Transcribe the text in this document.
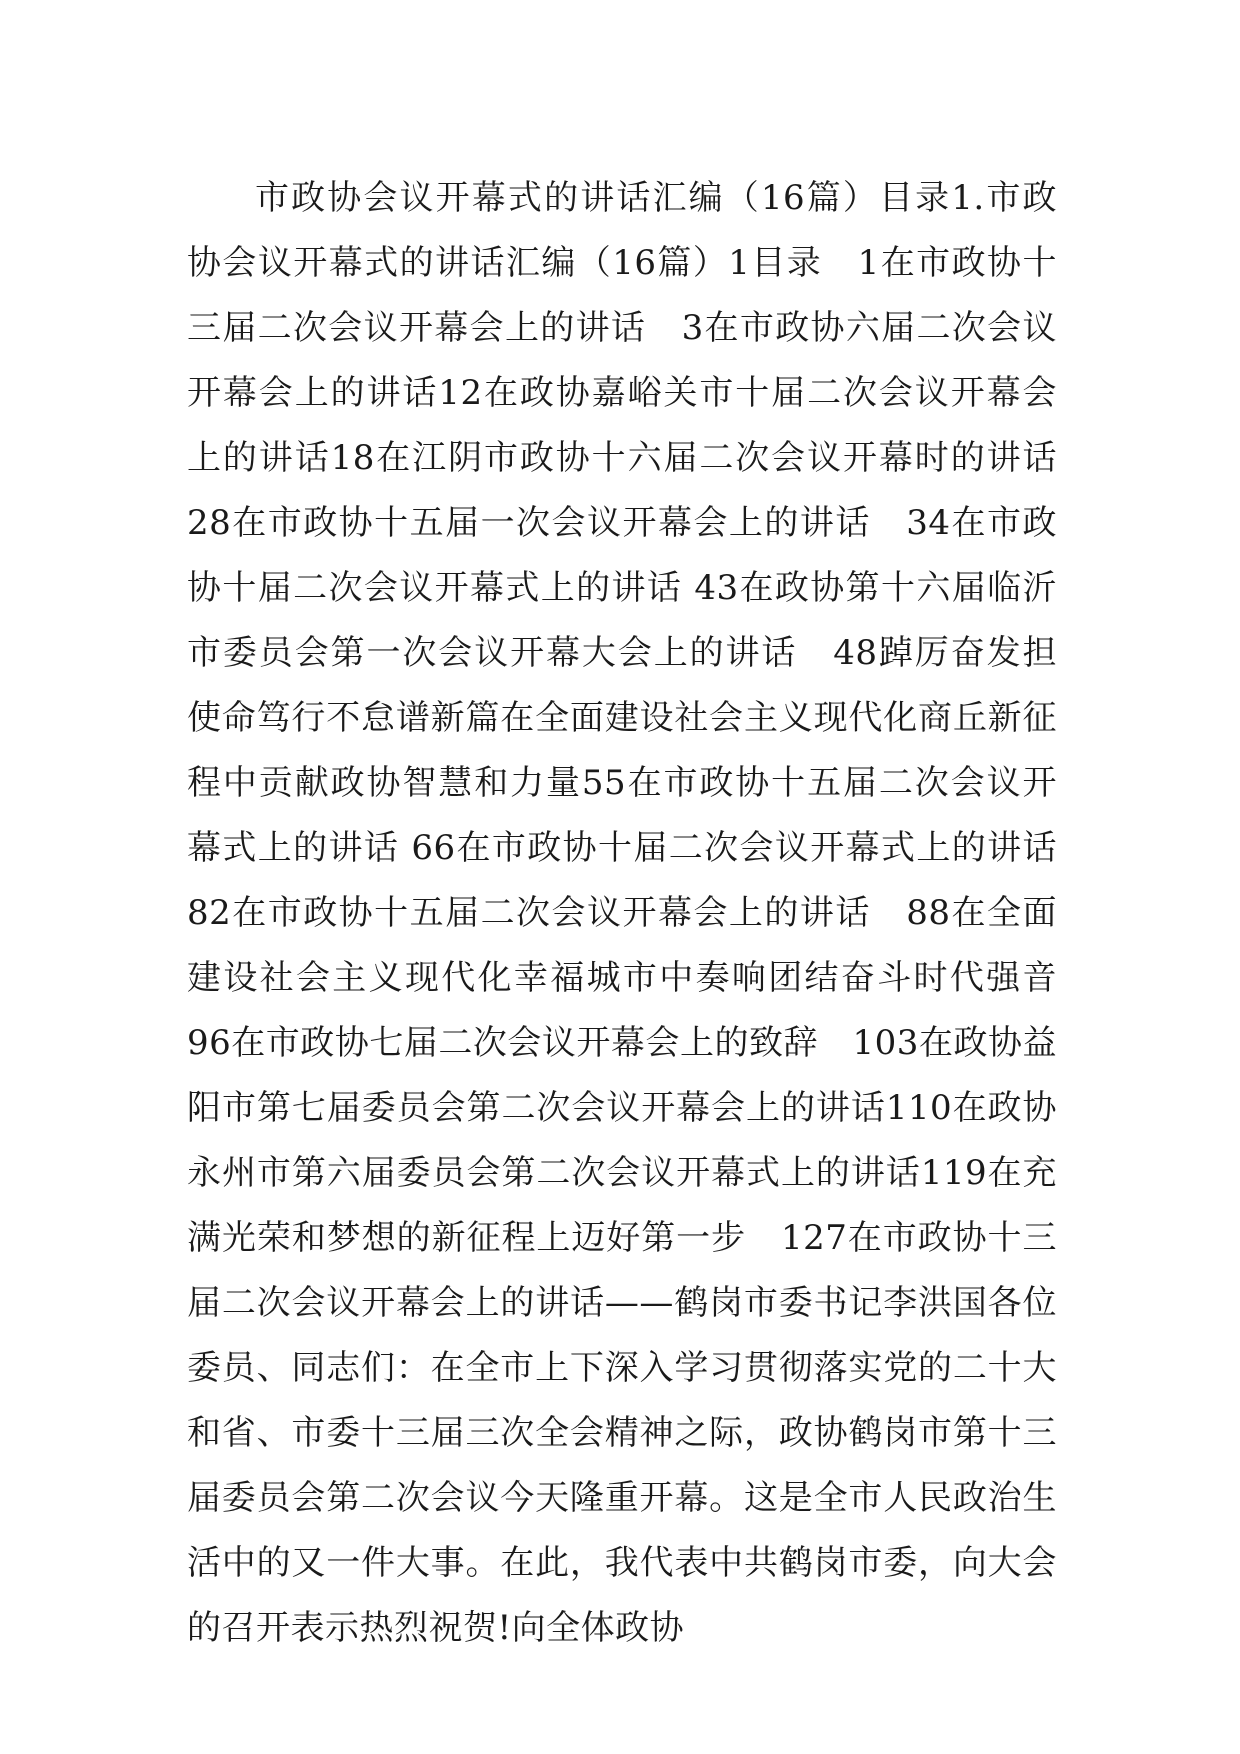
市政协会议开幕式的讲话汇编（16篇）目录1.市政协会议开幕式的讲话汇编（16篇）1目录　1在市政协十三届二次会议开幕会上的讲话　3在市政协六届二次会议开幕会上的讲话12在政协嘉峪关市十届二次会议开幕会上的讲话18在江阴市政协十六届二次会议开幕时的讲话　28在市政协十五届一次会议开幕会上的讲话　34在市政协十届二次会议开幕式上的讲话 43在政协第十六届临沂市委员会第一次会议开幕大会上的讲话　48踔厉奋发担使命笃行不怠谱新篇在全面建设社会主义现代化商丘新征程中贡献政协智慧和力量55在市政协十五届二次会议开幕式上的讲话 66在市政协十届二次会议开幕式上的讲话82在市政协十五届二次会议开幕会上的讲话　88在全面建设社会主义现代化幸福城市中奏响团结奋斗时代强音　96在市政协七届二次会议开幕会上的致辞　103在政协益阳市第七届委员会第二次会议开幕会上的讲话110在政协永州市第六届委员会第二次会议开幕式上的讲话119在充满光荣和梦想的新征程上迈好第一步　127在市政协十三届二次会议开幕会上的讲话——鹤岗市委书记李洪国各位委员、同志们：在全市上下深入学习贯彻落实党的二十大和省、市委十三届三次全会精神之际，政协鹤岗市第十三届委员会第二次会议今天隆重开幕。这是全市人民政治生活中的又一件大事。在此，我代表中共鹤岗市委，向大会的召开表示热烈祝贺!向全体政协
